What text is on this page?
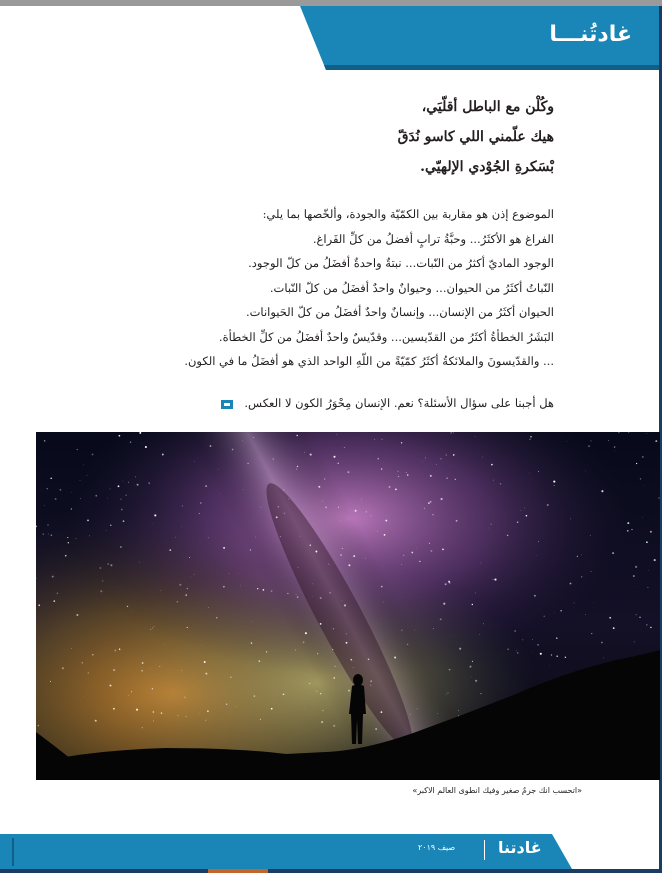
غادتُنـــا
وكُلْن مع الباطل أقلّيَي،
هيك علّمني اللي كاسو نُدَقّ
بْسَكرةِ الجُوْدي الإلهيّي.
الموضوع إذن هو مقاربة بين الكمّيّة والجودة، وألخّصها بما يلي:
الفراغ هو الأكثَرُ... وحبَّةُ ترابٍ أفضلُ من كلِّ الفَراغ.
الوجود الماديّ أكثرُ من النّبات... نبتةٌ واحدةٌ أفضَلُ من كلّ الوجود.
النّباتُ أكثَرُ من الحيوان... وحيوانٌ واحدٌ أفضَلُ من كلّ النّبات.
الحيوان أكثَرُ من الإنسان... وإنسانٌ واحدٌ أفضَلُ من كلّ الحَيوانات.
البَشَرُ الخطأةُ أكثَرُ من القدّيسين... وقدّيسٌ واحدٌ أفضَلُ من كلِّ الخطأة.
... والقدّيسونَ والملائكةُ أكثَرُ كمّيّةً من اللّهِ الواحد الذي هو أفضَلُ ما في الكون.
هل أجبنا على سؤال الأسئلة؟ نعم. الإنسان مِحْوَرُ الكون لا العكس.
«اتحسب انك جرمٌ صغير وفيك انطوى العالم الاكبر»
غادتنا
صيف ٢٠١٩
